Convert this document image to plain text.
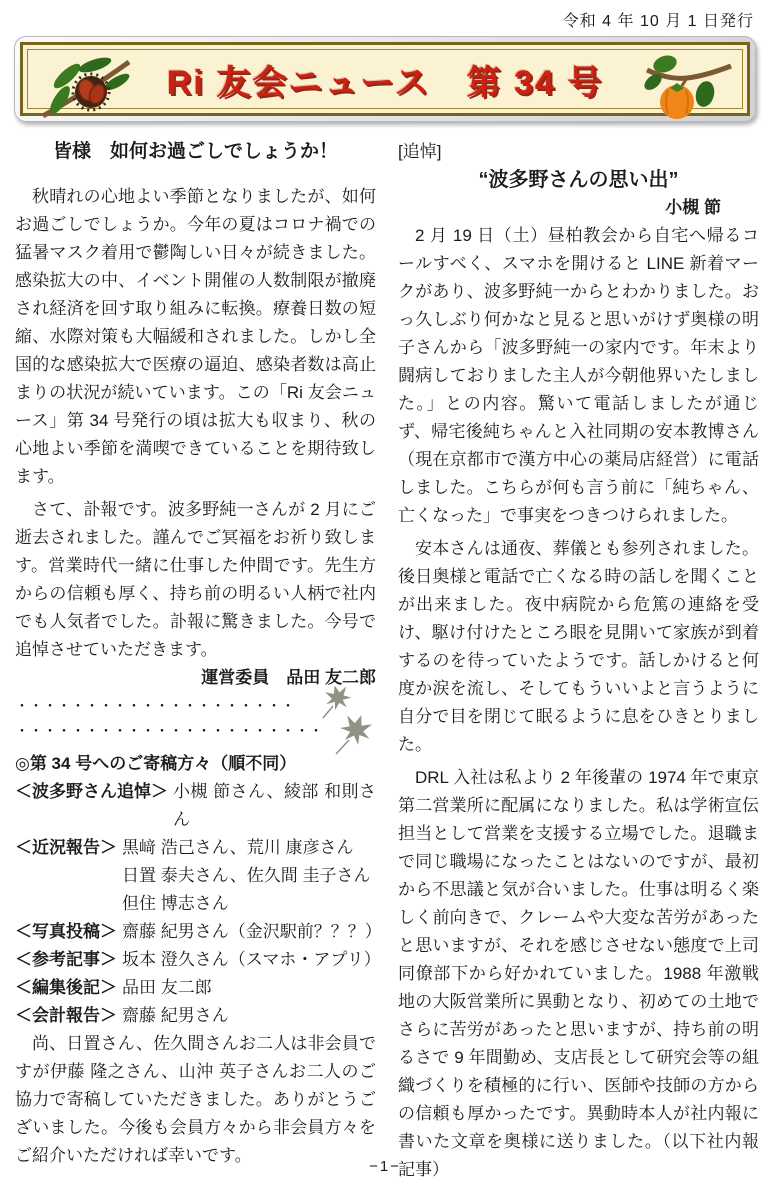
令和 4 年 10 月 1 日発行
Ri 友会ニュース　第 34 号
皆様　如何お過ごしでしょうか！

秋晴れの心地よい季節となりましたが、如何お過ごしでしょうか。今年の夏はコロナ禍での猛暑マスク着用で鬱陶しい日々が続きました。感染拡大の中、イベント開催の人数制限が撤廃され経済を回す取り組みに転換。療養日数の短縮、水際対策も大幅緩和されました。しかし全国的な感染拡大で医療の逼迫、感染者数は高止まりの状況が続いています。この「Ri 友会ニュース」第 34 号発行の頃は拡大も収まり、秋の心地よい季節を満喫できていることを期待致します。

さて、訃報です。波多野純一さんが 2 月にご逝去されました。謹んでご冥福をお祈り致します。営業時代一緒に仕事した仲間です。先生方からの信頼も厚く、持ち前の明るい人柄で社内でも人気者でした。訃報に驚きました。今号で追悼させていただきます。

運営委員　品田 友二郎
・・・・・・・・・・・・・・・・・・・・
・・・・・・・・・・・・・・・・・・・・・・
◎第 34 号へのご寄稿方々（順不同）
＜波多野さん追悼＞ 小槻 節さん、綾部 和則さん
＜近況報告＞ 黒﨑 浩己さん、荒川 康彦さん
日置 泰夫さん、佐久間 圭子さん
但住 博志さん
＜写真投稿＞ 齋藤 紀男さん（金沢駅前？？？）
＜参考記事＞ 坂本 澄久さん（スマホ・アプリ）
＜編集後記＞ 品田 友二郎
＜会計報告＞ 齋藤 紀男さん

尚、日置さん、佐久間さんお二人は非会員ですが伊藤 隆之さん、山沖 英子さんお二人のご協力で寄稿していただきました。ありがとうございました。今後も会員方々から非会員方々をご紹介いただければ幸いです。

[追悼]
“波多野さんの思い出”
小槻 節

2 月 19 日（土）昼柏教会から自宅へ帰るコールすべく、スマホを開けると LINE 新着マークがあり、波多野純一からとわかりました。おっ久しぶり何かなと見ると思いがけず奥様の明子さんから「波多野純一の家内です。年末より闘病しておりました主人が今朝他界いたしました。」との内容。驚いて電話しましたが通じず、帰宅後純ちゃんと入社同期の安本教博さん（現在京都市で漢方中心の薬局店経営）に電話しました。こちらが何も言う前に「純ちゃん、亡くなった」で事実をつきつけられました。

安本さんは通夜、葬儀とも参列されました。後日奥様と電話で亡くなる時の話しを聞くことが出来ました。夜中病院から危篤の連絡を受け、駆け付けたところ眼を見開いて家族が到着するのを待っていたようです。話しかけると何度か涙を流し、そしてもういいよと言うように自分で目を閉じて眠るように息をひきとりました。

DRL 入社は私より 2 年後輩の 1974 年で東京第二営業所に配属になりました。私は学術宣伝担当として営業を支援する立場でした。退職まで同じ職場になったことはないのですが、最初から不思議と気が合いました。仕事は明るく楽しく前向きで、クレームや大変な苦労があったと思いますが、それを感じさせない態度で上司同僚部下から好かれていました。1988 年激戦地の大阪営業所に異動となり、初めての土地でさらに苦労があったと思いますが、持ち前の明るさで 9 年間勤め、支店長として研究会等の組織づくりを積極的に行い、医師や技師の方からの信頼も厚かったです。異動時本人が社内報に書いた文章を奥様に送りました。（以下社内報記事）

−1−
